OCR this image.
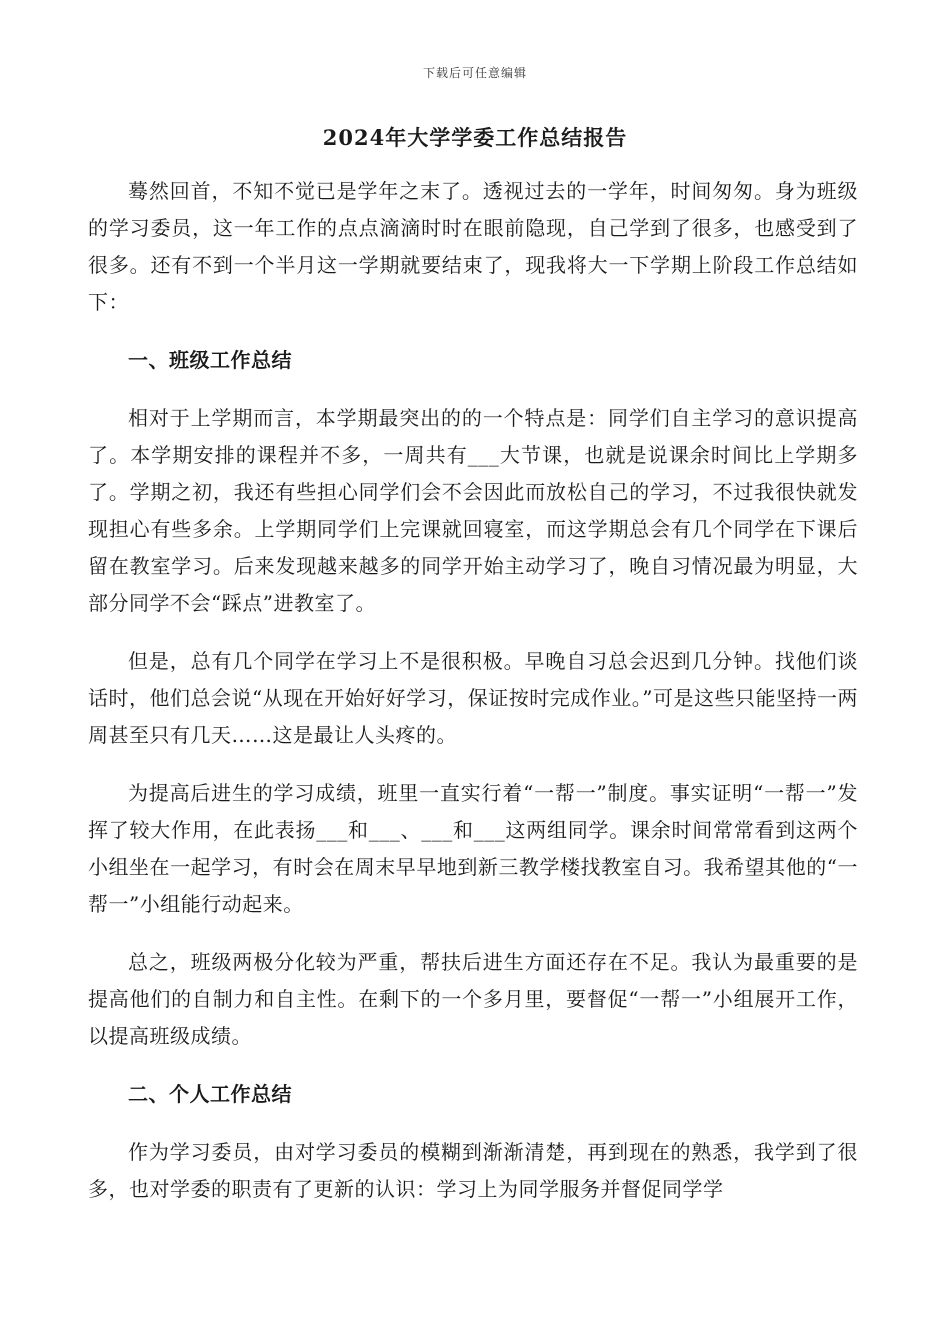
下载后可任意编辑
2024年大学学委工作总结报告

蓦然回首，不知不觉已是学年之末了。透视过去的一学年，时间匆匆。身为班级的学习委员，这一年工作的点点滴滴时时在眼前隐现，自己学到了很多，也感受到了很多。还有不到一个半月这一学期就要结束了，现我将大一下学期上阶段工作总结如下：

一、班级工作总结

相对于上学期而言，本学期最突出的的一个特点是：同学们自主学习的意识提高了。本学期安排的课程并不多，一周共有___大节课，也就是说课余时间比上学期多了。学期之初，我还有些担心同学们会不会因此而放松自己的学习，不过我很快就发现担心有些多余。上学期同学们上完课就回寝室，而这学期总会有几个同学在下课后留在教室学习。后来发现越来越多的同学开始主动学习了，晚自习情况最为明显，大部分同学不会“踩点”进教室了。

但是，总有几个同学在学习上不是很积极。早晚自习总会迟到几分钟。找他们谈话时，他们总会说“从现在开始好好学习，保证按时完成作业。”可是这些只能坚持一两周甚至只有几天……这是最让人头疼的。

为提高后进生的学习成绩，班里一直实行着“一帮一”制度。事实证明“一帮一”发挥了较大作用，在此表扬___和___、___和___这两组同学。课余时间常常看到这两个小组坐在一起学习，有时会在周末早早地到新三教学楼找教室自习。我希望其他的“一帮一”小组能行动起来。

总之，班级两极分化较为严重，帮扶后进生方面还存在不足。我认为最重要的是提高他们的自制力和自主性。在剩下的一个多月里，要督促“一帮一”小组展开工作，以提高班级成绩。

二、个人工作总结

作为学习委员，由对学习委员的模糊到渐渐清楚，再到现在的熟悉，我学到了很多，也对学委的职责有了更新的认识：学习上为同学服务并督促同学学
